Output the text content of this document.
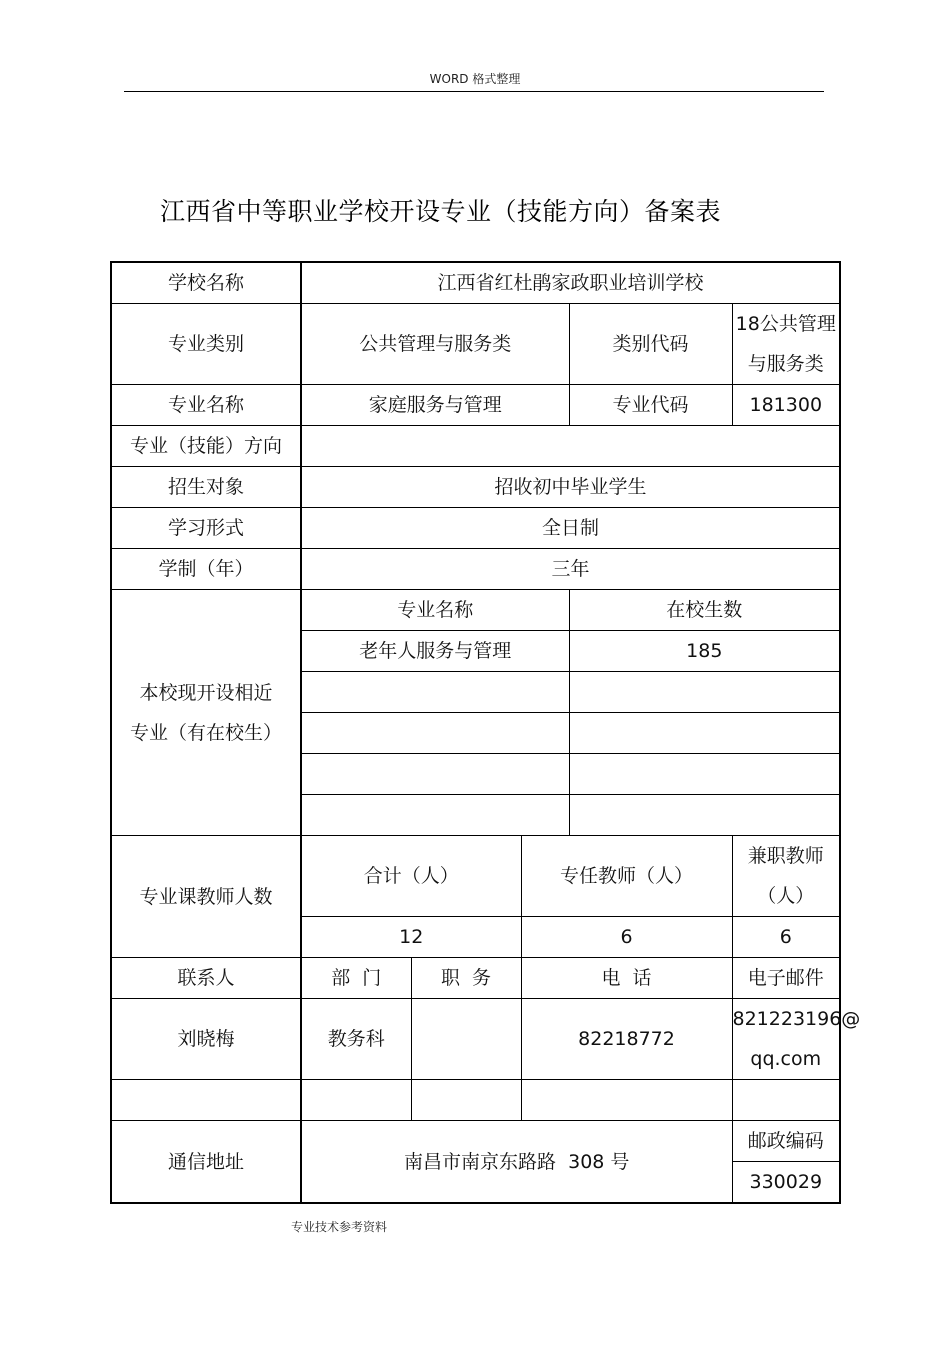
WORD 格式整理
江西省中等职业学校开设专业（技能方向）备案表
学校名称	江西省红杜鹃家政职业培训学校				
专业类别	公共管理与服务类			类别代码	18公共管理
与服务类

专业名称	家庭服务与管理			专业代码	181300
专业（技能）方向					
招生对象	招收初中毕业学生				
学习形式	全日制				
学制（年）	三年				

本校现开设相近
专业（有在校生）	专业名称			在校生数	
	老年人服务与管理			185	

专业课教师人数	合计（人）		专任教师（人）		兼职教师（人）
	12		6		6
联系人	部  门	职  务	电  话		电子邮件
刘晓梅	教务科		82218772		821223196@
qq.com

通信地址	南昌市南京东路路  308 号				邮政编码
					330029
专业技术参考资料
